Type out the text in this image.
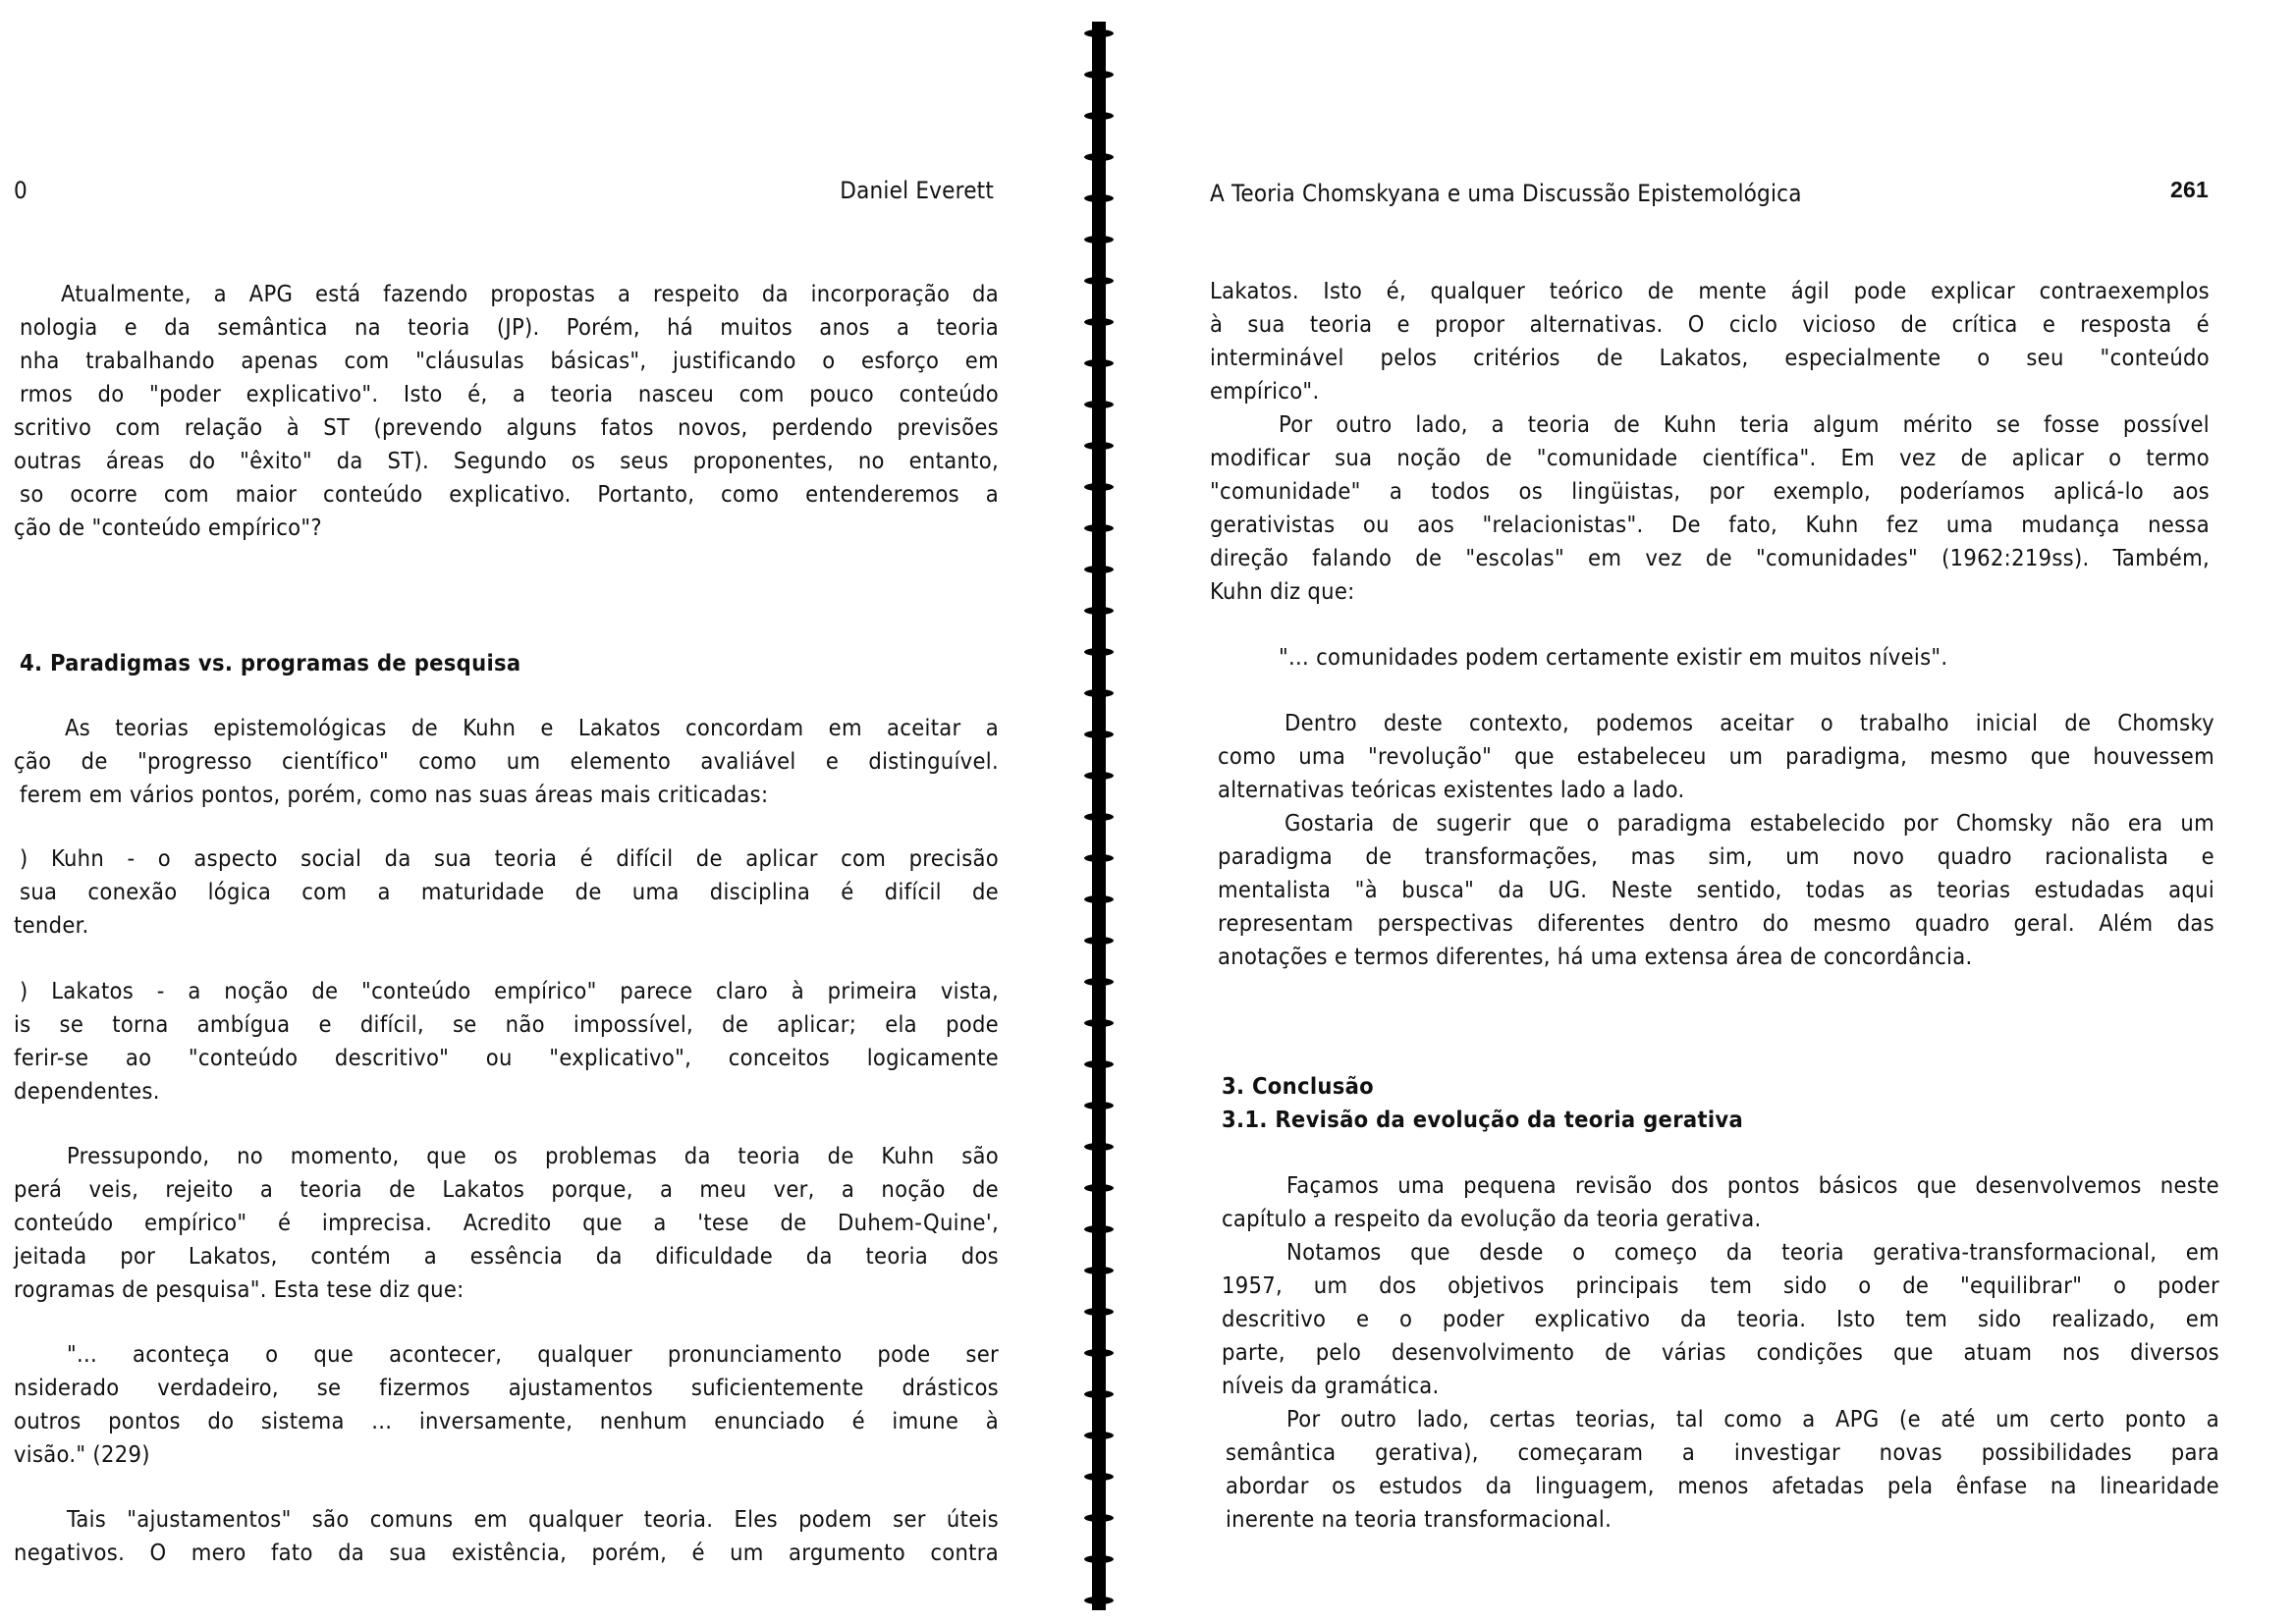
0	Daniel Everett
Atualmente, a APG está fazendo propostas a respeito da incorporação da
nologia e da semântica na teoria (JP). Porém, há muitos anos a teoria
nha trabalhando apenas com "cláusulas básicas", justificando o esforço em
rmos do "poder explicativo". Isto é, a teoria nasceu com pouco conteúdo
scritivo com relação à ST (prevendo alguns fatos novos, perdendo previsões
outras áreas do "êxito" da ST). Segundo os seus proponentes, no entanto,
so ocorre com maior conteúdo explicativo. Portanto, como entenderemos a
ção de "conteúdo empírico"?
4. Paradigmas vs. programas de pesquisa
As teorias epistemológicas de Kuhn e Lakatos concordam em aceitar a
ção de "progresso científico" como um elemento avaliável e distinguível.
ferem em vários pontos, porém, como nas suas áreas mais criticadas:
) Kuhn - o aspecto social da sua teoria é difícil de aplicar com precisão
sua conexão lógica com a maturidade de uma disciplina é difícil de
tender.
) Lakatos - a noção de "conteúdo empírico" parece claro à primeira vista,
is se torna ambígua e difícil, se não impossível, de aplicar; ela pode
ferir-se ao "conteúdo descritivo" ou "explicativo", conceitos logicamente
dependentes.
Pressupondo, no momento, que os problemas da teoria de Kuhn são
perá veis, rejeito a teoria de Lakatos porque, a meu ver, a noção de
conteúdo empírico" é imprecisa. Acredito que a 'tese de Duhem-Quine',
jeitada por Lakatos, contém a essência da dificuldade da teoria dos
rogramas de pesquisa". Esta tese diz que:
"... aconteça o que acontecer, qualquer pronunciamento pode ser
nsiderado verdadeiro, se fizermos ajustamentos suficientemente drásticos
outros pontos do sistema ... inversamente, nenhum enunciado é imune à
visão." (229)
Tais "ajustamentos" são comuns em qualquer teoria. Eles podem ser úteis
negativos. O mero fato da sua existência, porém, é um argumento contra
A Teoria Chomskyana e uma Discussão Epistemológica	261
Lakatos. Isto é, qualquer teórico de mente ágil pode explicar contraexemplos
à sua teoria e propor alternativas. O ciclo vicioso de crítica e resposta é
interminável pelos critérios de Lakatos, especialmente o seu "conteúdo
empírico".
Por outro lado, a teoria de Kuhn teria algum mérito se fosse possível
modificar sua noção de "comunidade científica". Em vez de aplicar o termo
"comunidade" a todos os lingüistas, por exemplo, poderíamos aplicá-lo aos
gerativistas ou aos "relacionistas". De fato, Kuhn fez uma mudança nessa
direção falando de "escolas" em vez de "comunidades" (1962:219ss). Também,
Kuhn diz que:
"... comunidades podem certamente existir em muitos níveis".
Dentro deste contexto, podemos aceitar o trabalho inicial de Chomsky
como uma "revolução" que estabeleceu um paradigma, mesmo que houvessem
alternativas teóricas existentes lado a lado.
Gostaria de sugerir que o paradigma estabelecido por Chomsky não era um
paradigma de transformações, mas sim, um novo quadro racionalista e
mentalista "à busca" da UG. Neste sentido, todas as teorias estudadas aqui
representam perspectivas diferentes dentro do mesmo quadro geral. Além das
anotações e termos diferentes, há uma extensa área de concordância.
3. Conclusão
3.1. Revisão da evolução da teoria gerativa
Façamos uma pequena revisão dos pontos básicos que desenvolvemos neste
capítulo a respeito da evolução da teoria gerativa.
Notamos que desde o começo da teoria gerativa-transformacional, em
1957, um dos objetivos principais tem sido o de "equilibrar" o poder
descritivo e o poder explicativo da teoria. Isto tem sido realizado, em
parte, pelo desenvolvimento de várias condições que atuam nos diversos
níveis da gramática.
Por outro lado, certas teorias, tal como a APG (e até um certo ponto a
semântica gerativa), começaram a investigar novas possibilidades para
abordar os estudos da linguagem, menos afetadas pela ênfase na linearidade
inerente na teoria transformacional.
